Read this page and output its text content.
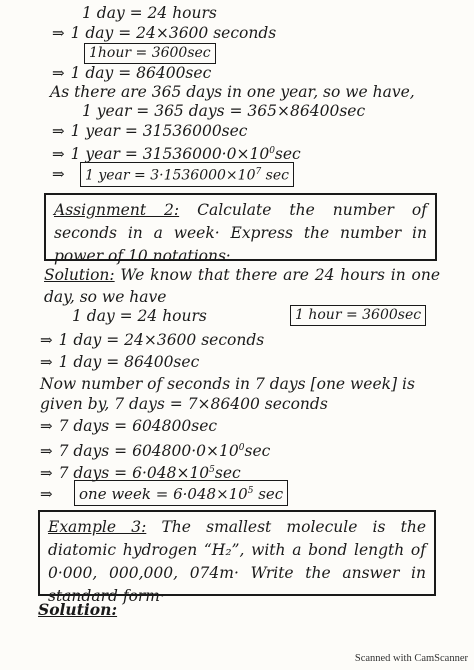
1 day = 24 hours
⇒ 1 day = 24×3600 seconds
1hour = 3600sec
⇒ 1 day = 86400sec
As there are 365 days in one year, so we have,
1 year = 365 days = 365×86400sec
⇒ 1 year = 31536000sec
⇒ 1 year = $31536000\cdot 0\times 10^0\sec$
⇒	1 year = $3\cdot 1536000\times 10^7$ sec
Assignment 2: Calculate the number of seconds in a week· Express the number in power of 10 notations·
Solution: We know that there are 24 hours in one day, so we have
1 day = 24 hours	1 hour = 3600sec
⇒ 1 day = 24×3600 seconds
⇒ 1 day = 86400sec
Now number of seconds in 7 days [one week] is
given by, 7 days = 7×86400 seconds
⇒ 7 days = 604800sec
⇒ 7 days = $604800\cdot 0\times 10^0\sec$
⇒ 7 days = $6\cdot 048\times 10^5\sec$
⇒	one week = $6\cdot 048\times 10^5$ sec
Example 3: The smallest molecule is the diatomic hydrogen “H₂”, with a bond length of 0·000, 000,000, 074m· Write the answer in standard form·
Solution:
Scanned with CamScanner
